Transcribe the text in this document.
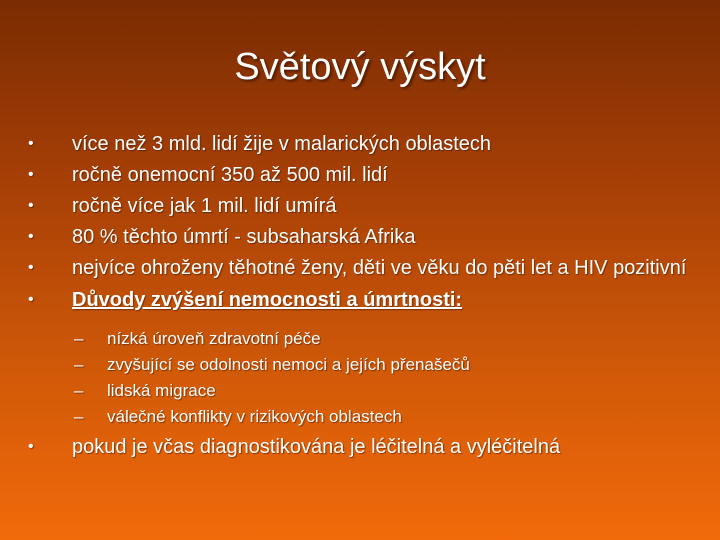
Světový výskyt
• více než 3 mld. lidí žije v malarických oblastech
• ročně onemocní 350 až 500 mil. lidí
• ročně více jak 1 mil. lidí umírá
• 80 % těchto úmrtí - subsaharská Afrika
• nejvíce ohroženy těhotné ženy, děti ve věku do pěti let a HIV pozitivní
• Důvody zvýšení nemocnosti a úmrtnosti:
– nízká úroveň zdravotní péče
– zvyšující se odolnosti nemoci a jejích přenašečů
– lidská migrace
– válečné konflikty v rizikových oblastech
• pokud je včas diagnostikována je léčitelná a vyléčitelná
